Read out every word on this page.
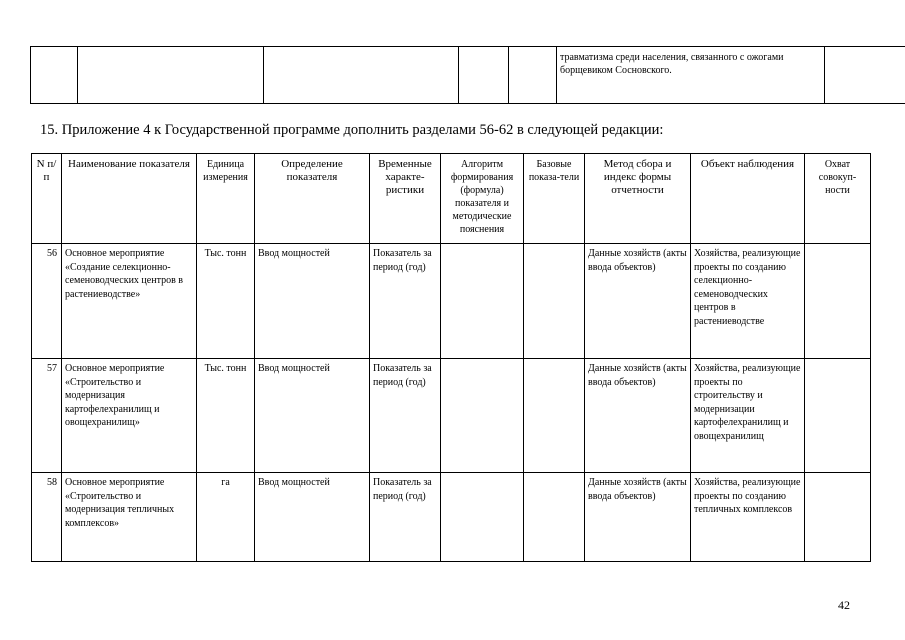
травматизма среди населения, связанного с ожогами борщевиком Сосновского.

15. Приложение 4 к Государственной программе дополнить разделами 56-62 в следующей редакции:
N п/п	Наименование показателя	Единица измерения	Определение показателя	Временные характе-ристики	Алгоритм формирования (формула) показателя и методические пояснения	Базовые показа-тели	Метод сбора и индекс формы отчетности	Объект наблюдения	Охват совокуп-ности
56	Основное мероприятие «Создание селекционно-семеноводческих центров в растениеводстве»	Тыс. тонн	Ввод мощностей	Показатель за период (год)			Данные хозяйств (акты ввода объектов)	Хозяйства, реализующие проекты по созданию селекционно-семеноводческих центров в растениеводстве	
57	Основное мероприятие «Строительство и модернизация картофелехранилищ и овощехранилищ»	Тыс. тонн	Ввод мощностей	Показатель за период (год)			Данные хозяйств (акты ввода объектов)	Хозяйства, реализующие проекты по строительству и модернизации картофелехранилищ и овощехранилищ	
58	Основное мероприятие «Строительство и модернизация тепличных комплексов»	га	Ввод мощностей	Показатель за период (год)			Данные хозяйств (акты ввода объектов)	Хозяйства, реализующие проекты по созданию тепличных комплексов	
42
